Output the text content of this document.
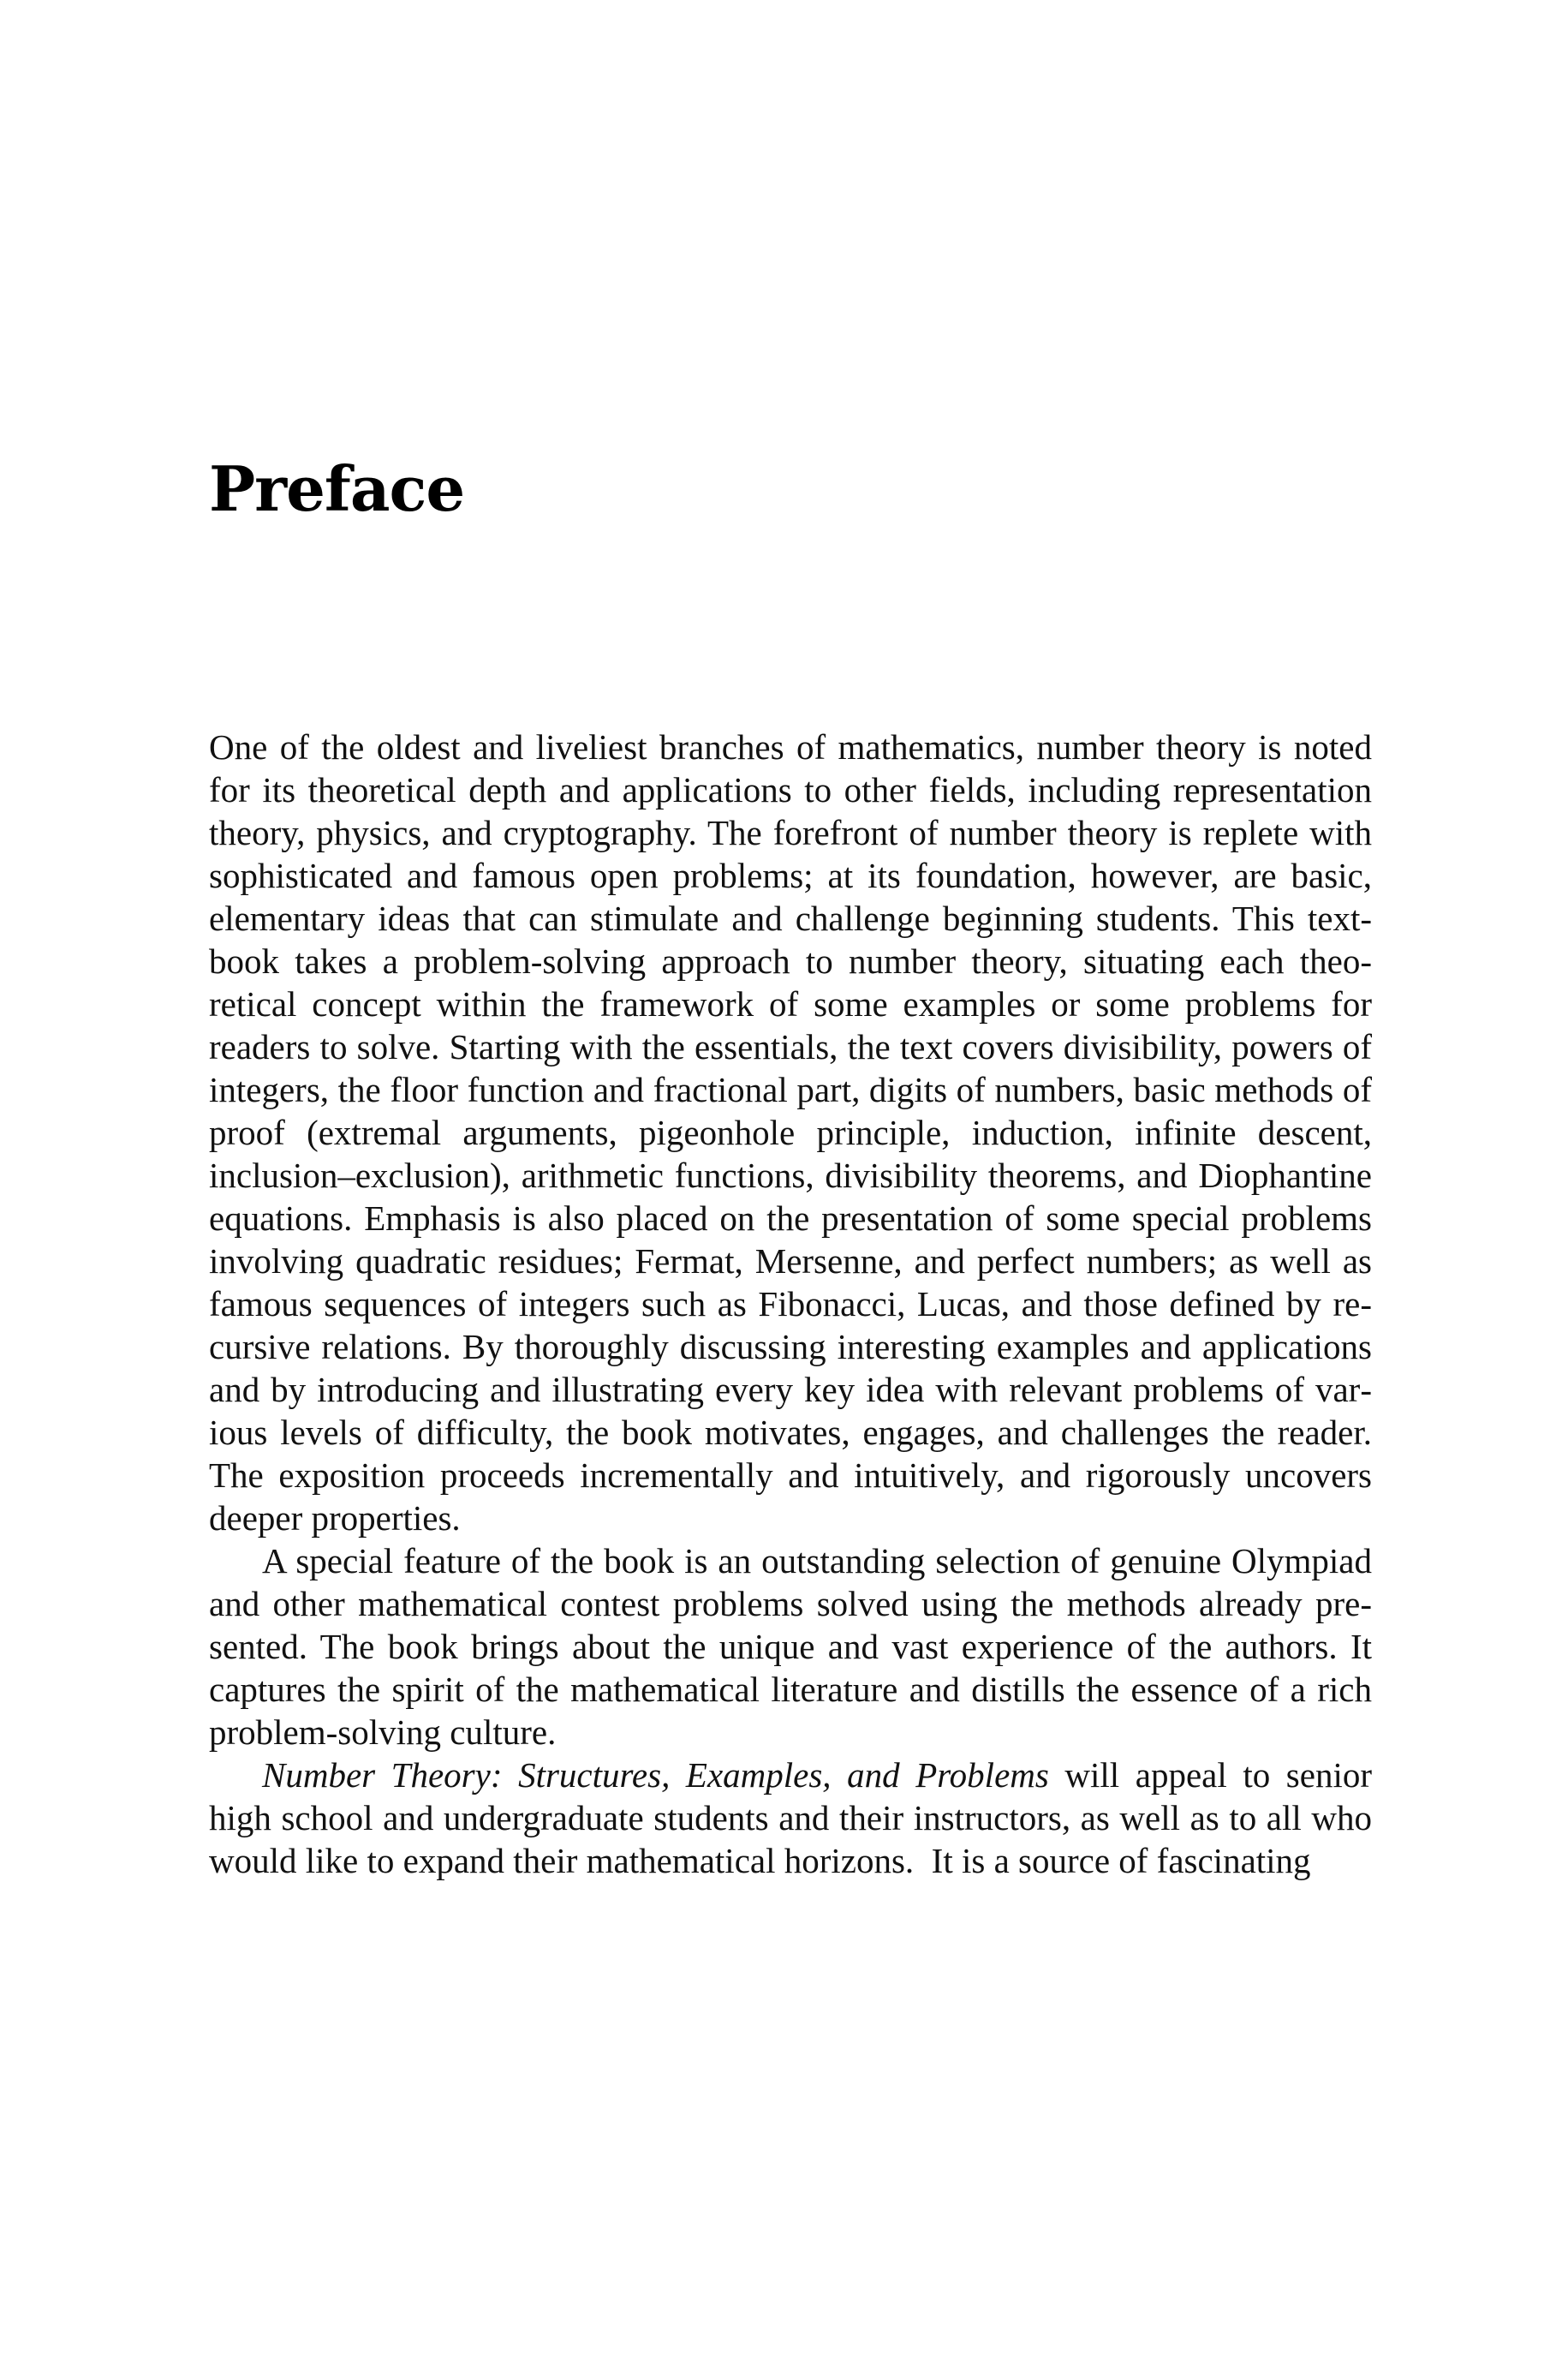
Preface

One of the oldest and liveliest branches of mathematics, number theory is noted for its theoretical depth and applications to other fields, including representation theory, physics, and cryptography. The forefront of number theory is replete with sophisticated and famous open problems; at its foundation, however, are basic, elementary ideas that can stimulate and challenge beginning students. This textbook takes a problem-solving approach to number theory, situating each theoretical concept within the framework of some examples or some problems for readers to solve. Starting with the essentials, the text covers divisibility, powers of integers, the floor function and fractional part, digits of numbers, basic methods of proof (extremal arguments, pigeonhole principle, induction, infinite descent, inclusion–exclusion), arithmetic functions, divisibility theorems, and Diophantine equations. Emphasis is also placed on the presentation of some special problems involving quadratic residues; Fermat, Mersenne, and perfect numbers; as well as famous sequences of integers such as Fibonacci, Lucas, and those defined by recursive relations. By thoroughly discussing interesting examples and applications and by introducing and illustrating every key idea with relevant problems of various levels of difficulty, the book motivates, engages, and challenges the reader. The exposition proceeds incrementally and intuitively, and rigorously uncovers deeper properties.

A special feature of the book is an outstanding selection of genuine Olympiad and other mathematical contest problems solved using the methods already presented. The book brings about the unique and vast experience of the authors. It captures the spirit of the mathematical literature and distills the essence of a rich problem-solving culture.

Number Theory: Structures, Examples, and Problems will appeal to senior high school and undergraduate students and their instructors, as well as to all who would like to expand their mathematical horizons. It is a source of fascinating
